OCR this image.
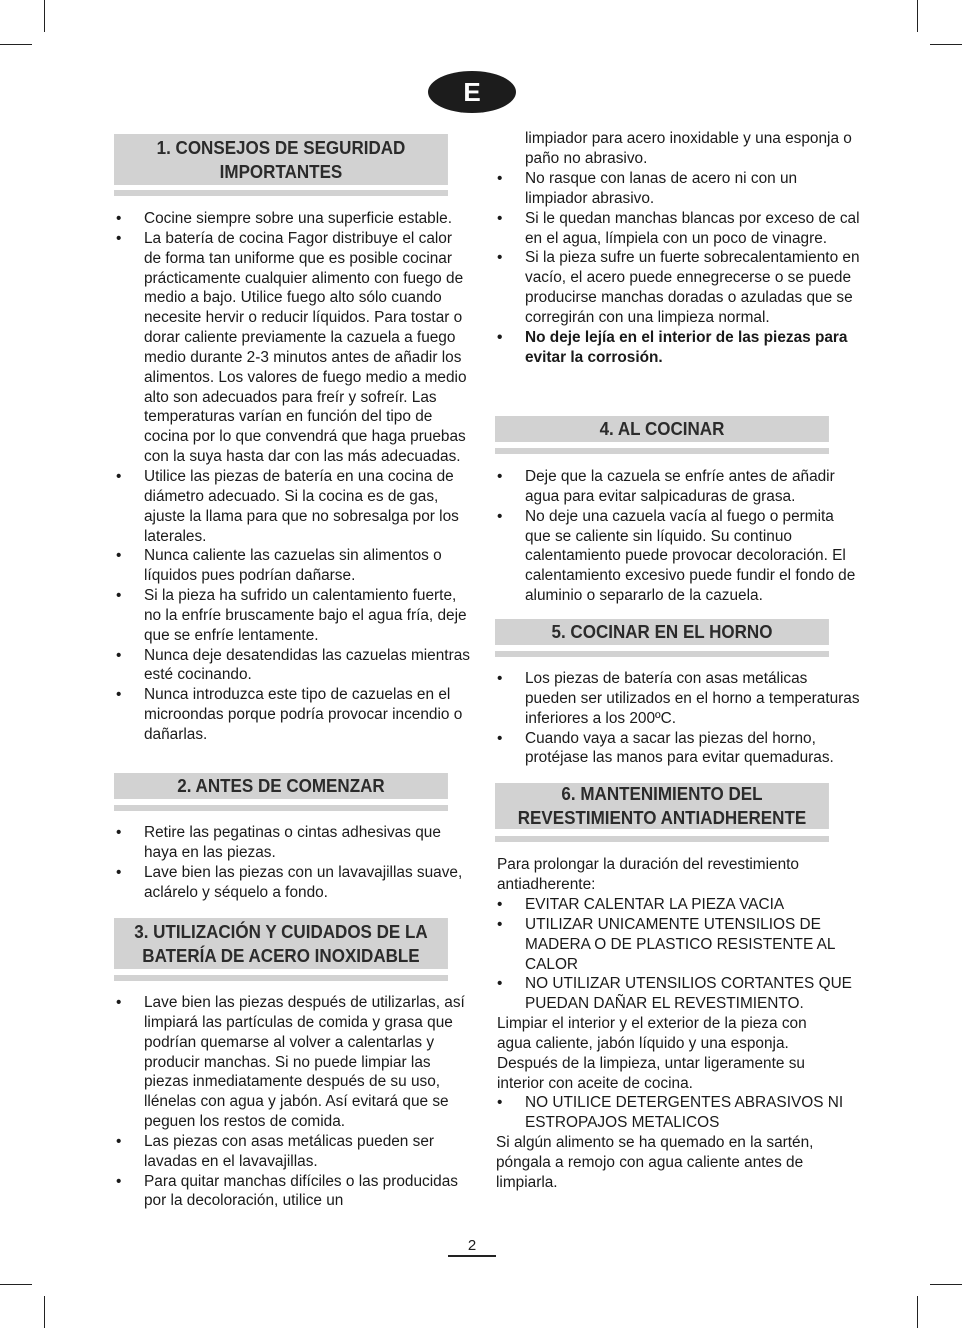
E
1. CONSEJOS DE SEGURIDAD
IMPORTANTES
• Cocine siempre sobre una superficie estable.
• La batería de cocina Fagor distribuye el calor de forma tan uniforme que es posible cocinar prácticamente cualquier alimento con fuego de medio a bajo. Utilice fuego alto sólo cuando necesite hervir o reducir líquidos. Para tostar o dorar caliente previamente la cazuela a fuego medio durante 2-3 minutos antes de añadir los alimentos. Los valores de fuego medio a medio alto son adecuados para freír y sofreír. Las temperaturas varían en función del tipo de cocina por lo que convendrá que haga pruebas con la suya hasta dar con las más adecuadas.
• Utilice las piezas de batería en una cocina de diámetro adecuado. Si la cocina es de gas, ajuste la llama para que no sobresalga por los laterales.
• Nunca caliente las cazuelas sin alimentos o líquidos pues podrían dañarse.
• Si la pieza ha sufrido un calentamiento fuerte, no la enfríe bruscamente bajo el agua fría, deje que se enfríe lentamente.
• Nunca deje desatendidas las cazuelas mientras esté cocinando.
• Nunca introduzca este tipo de cazuelas en el microondas porque podría provocar incendio o dañarlas.
2. ANTES DE COMENZAR
• Retire las pegatinas o cintas adhesivas que haya en las piezas.
• Lave bien las piezas con un lavavajillas suave, aclárelo y séquelo a fondo.
3. UTILIZACIÓN Y CUIDADOS DE LA
BATERÍA DE ACERO INOXIDABLE
• Lave bien las piezas después de utilizarlas, así limpiará las partículas de comida y grasa que podrían quemarse al volver a calentarlas y producir manchas. Si no puede limpiar las piezas inmediatamente después de su uso, llénelas con agua y jabón. Así evitará que se peguen los restos de comida.
• Las piezas con asas metálicas pueden ser lavadas en el lavavajillas.
• Para quitar manchas difíciles o las producidas por la decoloración, utilice un

limpiador para acero inoxidable y una esponja o paño no abrasivo.

• No rasque con lanas de acero ni con un limpiador abrasivo.
• Si le quedan manchas blancas por exceso de cal en el agua, límpiela con un poco de vinagre.
• Si la pieza sufre un fuerte sobrecalentamiento en vacío, el acero puede ennegrecerse o se puede producirse manchas doradas o azuladas que se corregirán con una limpieza normal.
• No deje lejía en el interior de las piezas para evitar la corrosión.
4. AL COCINAR
• Deje que la cazuela se enfríe antes de añadir agua para evitar salpicaduras de grasa.
• No deje una cazuela vacía al fuego o permita que se caliente sin líquido. Su continuo calentamiento puede provocar decoloración. El calentamiento excesivo puede fundir el fondo de aluminio o separarlo de la cazuela.
5. COCINAR EN EL HORNO
• Los piezas de batería con asas metálicas pueden ser utilizados en el horno a temperaturas inferiores a los 200ºC.
• Cuando vaya a sacar las piezas del horno, protéjase las manos para evitar quemaduras.
6. MANTENIMIENTO DEL
REVESTIMIENTO ANTIADHERENTE

Para prolongar la duración del revestimiento antiadherente:

• EVITAR CALENTAR LA PIEZA VACIA
• UTILIZAR UNICAMENTE UTENSILIOS DE MADERA O DE PLASTICO RESISTENTE AL CALOR
• NO UTILIZAR UTENSILIOS CORTANTES QUE PUEDAN DAÑAR EL REVESTIMIENTO.

Limpiar el interior y el exterior de la pieza con agua caliente, jabón líquido y una esponja. Después de la limpieza, untar ligeramente su interior con aceite de cocina.

• NO UTILICE DETERGENTES ABRASIVOS NI ESTROPAJOS METALICOS

Si algún alimento se ha quemado en la sartén, póngala a remojo con agua caliente antes de limpiarla.

2
